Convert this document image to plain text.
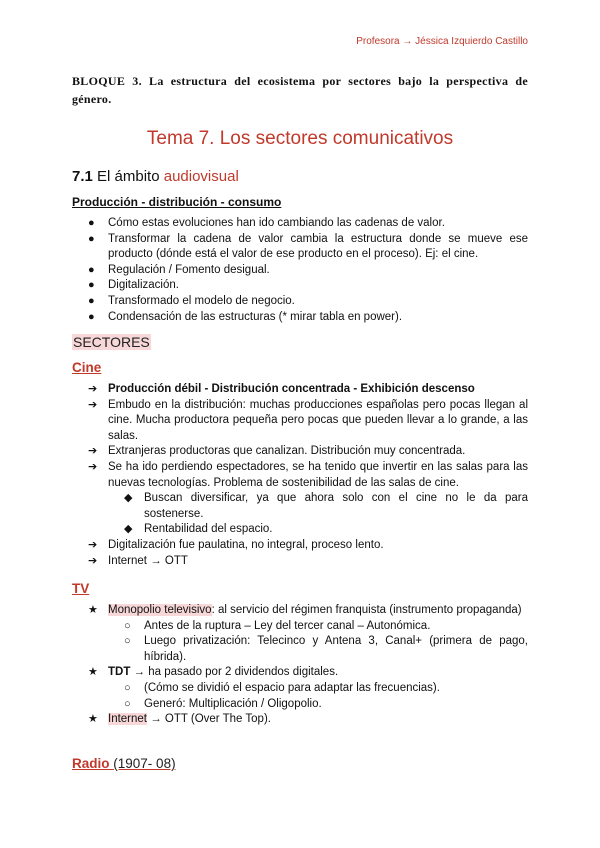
Profesora → Jéssica Izquierdo Castillo
BLOQUE 3. La estructura del ecosistema por sectores bajo la perspectiva de género.
Tema 7. Los sectores comunicativos
7.1 El ámbito audiovisual
Producción - distribución - consumo
● Cómo estas evoluciones han ido cambiando las cadenas de valor.
● Transformar la cadena de valor cambia la estructura donde se mueve ese producto (dónde está el valor de ese producto en el proceso). Ej: el cine.
● Regulación / Fomento desigual.
● Digitalización.
● Transformado el modelo de negocio.
● Condensación de las estructuras (* mirar tabla en power).
SECTORES
Cine
➔ Producción débil - Distribución concentrada - Exhibición descenso
➔ Embudo en la distribución: muchas producciones españolas pero pocas llegan al cine. Mucha productora pequeña pero pocas que pueden llevar a lo grande, a las salas.
➔ Extranjeras productoras que canalizan. Distribución muy concentrada.
➔ Se ha ido perdiendo espectadores, se ha tenido que invertir en las salas para las nuevas tecnologías. Problema de sostenibilidad de las salas de cine.
◆ Buscan diversificar, ya que ahora solo con el cine no le da para sostenerse.
◆ Rentabilidad del espacio.
➔ Digitalización fue paulatina, no integral, proceso lento.
➔ Internet → OTT
TV
★ Monopolio televisivo: al servicio del régimen franquista (instrumento propaganda)
○ Antes de la ruptura – Ley del tercer canal – Autonómica.
○ Luego privatización: Telecinco y Antena 3, Canal+ (primera de pago, híbrida).
★ TDT → ha pasado por 2 dividendos digitales.
○ (Cómo se dividió el espacio para adaptar las frecuencias).
○ Generó: Multiplicación / Oligopolio.
★ Internet → OTT (Over The Top).
Radio (1907- 08)
